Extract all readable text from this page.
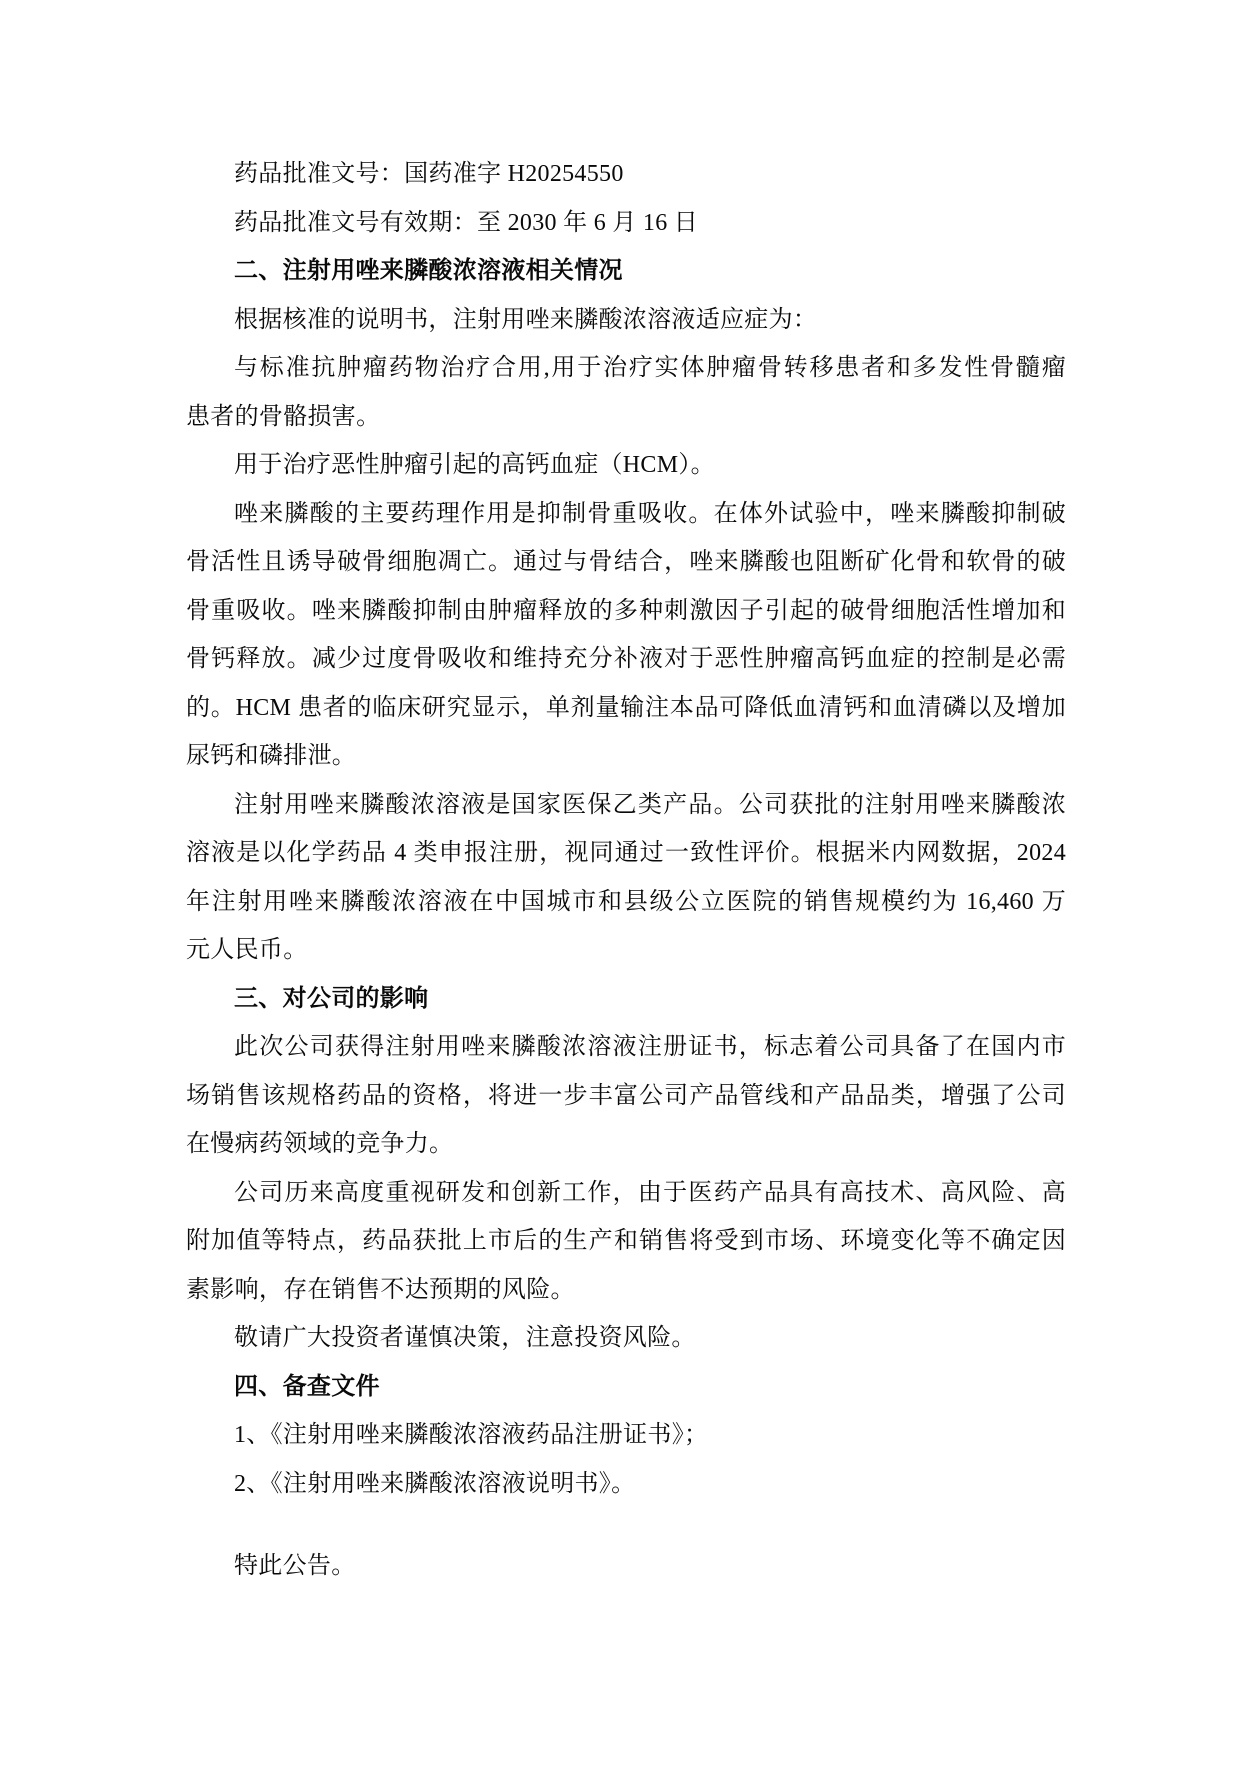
药品批准文号：国药准字 H20254550
药品批准文号有效期：至 2030 年 6 月 16 日
二、注射用唑来膦酸浓溶液相关情况
根据核准的说明书，注射用唑来膦酸浓溶液适应症为：
与标准抗肿瘤药物治疗合用,用于治疗实体肿瘤骨转移患者和多发性骨髓瘤
患者的骨骼损害。
用于治疗恶性肿瘤引起的高钙血症（HCM）。
唑来膦酸的主要药理作用是抑制骨重吸收。在体外试验中，唑来膦酸抑制破
骨活性且诱导破骨细胞凋亡。通过与骨结合，唑来膦酸也阻断矿化骨和软骨的破
骨重吸收。唑来膦酸抑制由肿瘤释放的多种刺激因子引起的破骨细胞活性增加和
骨钙释放。减少过度骨吸收和维持充分补液对于恶性肿瘤高钙血症的控制是必需
的。HCM 患者的临床研究显示，单剂量输注本品可降低血清钙和血清磷以及增加
尿钙和磷排泄。
注射用唑来膦酸浓溶液是国家医保乙类产品。公司获批的注射用唑来膦酸浓
溶液是以化学药品 4 类申报注册，视同通过一致性评价。根据米内网数据，2024
年注射用唑来膦酸浓溶液在中国城市和县级公立医院的销售规模约为 16,460 万
元人民币。
三、对公司的影响
此次公司获得注射用唑来膦酸浓溶液注册证书，标志着公司具备了在国内市
场销售该规格药品的资格，将进一步丰富公司产品管线和产品品类，增强了公司
在慢病药领域的竞争力。
公司历来高度重视研发和创新工作，由于医药产品具有高技术、高风险、高
附加值等特点，药品获批上市后的生产和销售将受到市场、环境变化等不确定因
素影响，存在销售不达预期的风险。
敬请广大投资者谨慎决策，注意投资风险。
四、备查文件
1、《注射用唑来膦酸浓溶液药品注册证书》；
2、《注射用唑来膦酸浓溶液说明书》。
特此公告。
